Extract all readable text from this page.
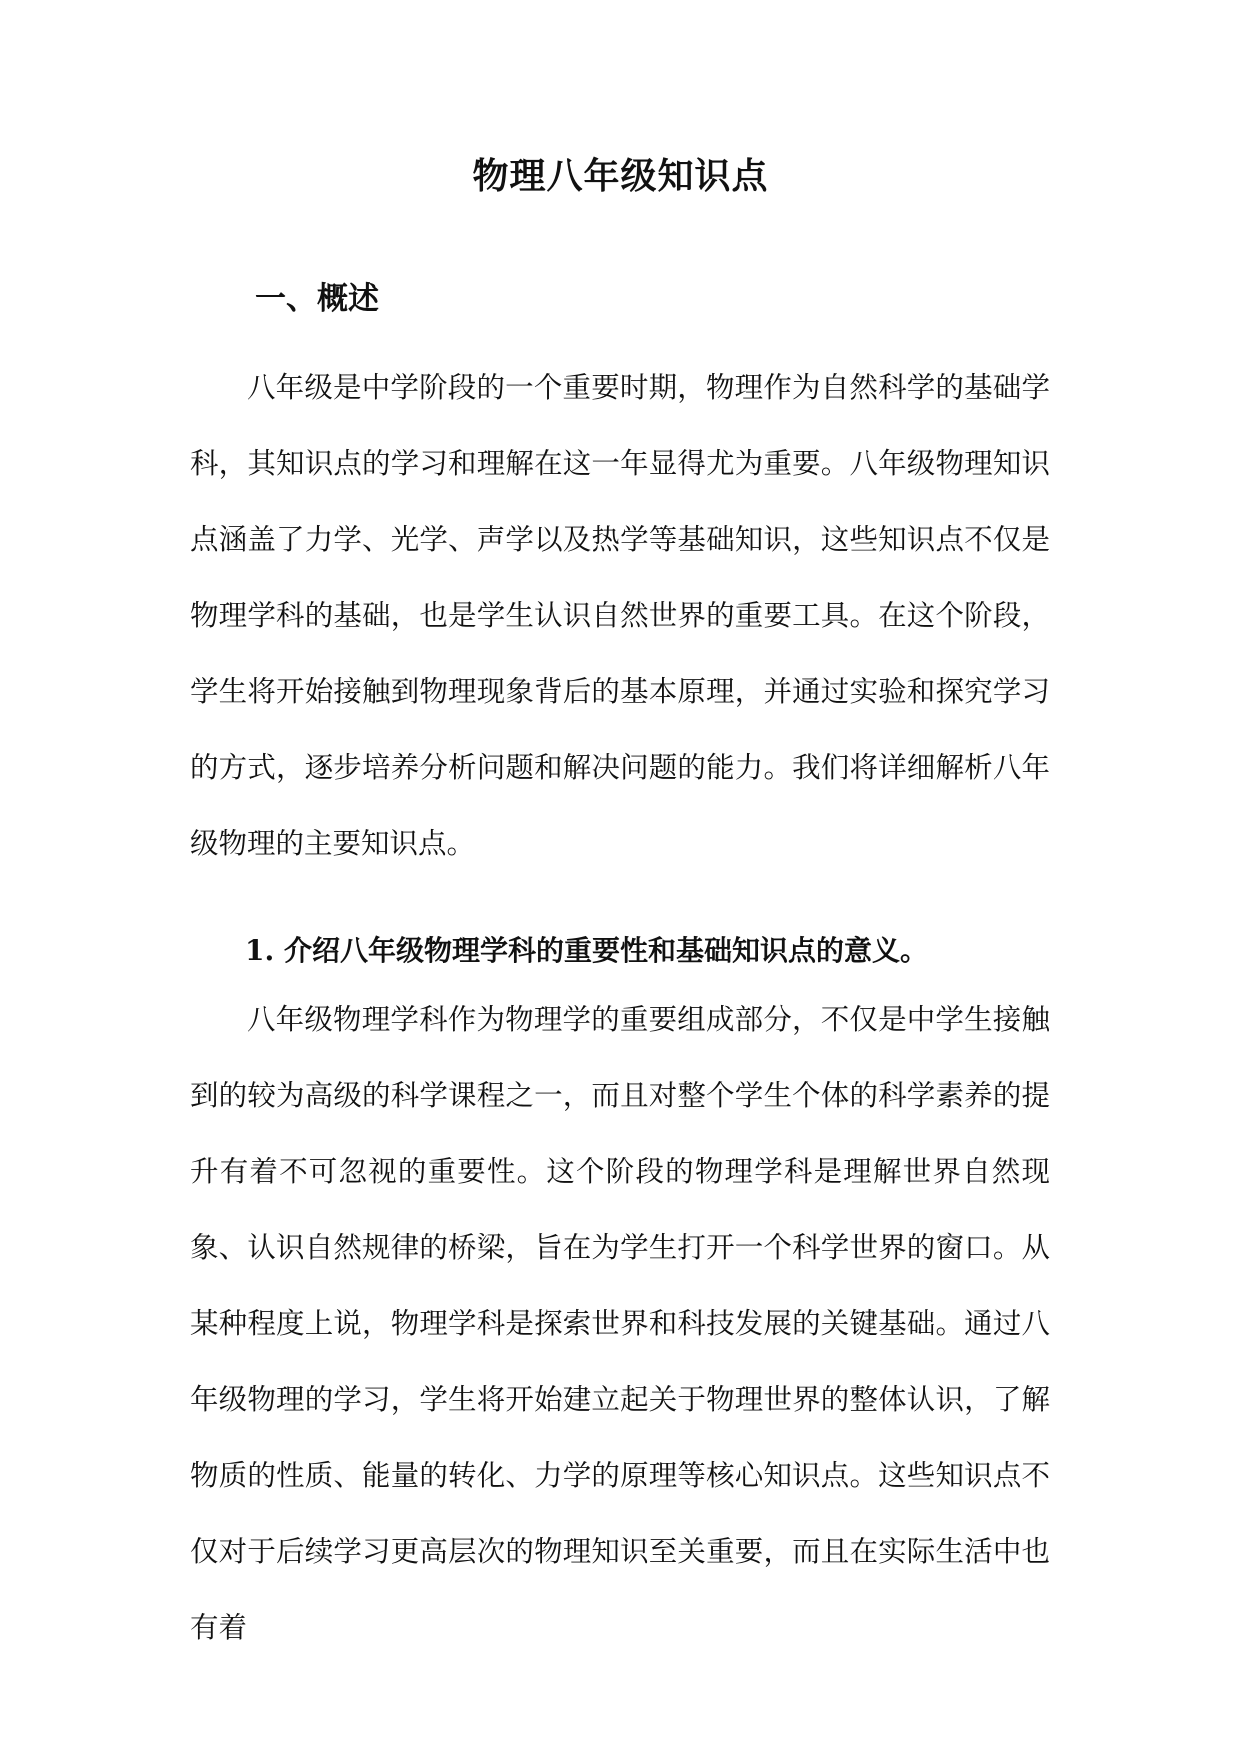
物理八年级知识点
一、概述

八年级是中学阶段的一个重要时期，物理作为自然科学的基础学科，其知识点的学习和理解在这一年显得尤为重要。八年级物理知识点涵盖了力学、光学、声学以及热学等基础知识，这些知识点不仅是物理学科的基础，也是学生认识自然世界的重要工具。在这个阶段，学生将开始接触到物理现象背后的基本原理，并通过实验和探究学习的方式，逐步培养分析问题和解决问题的能力。我们将详细解析八年级物理的主要知识点。

1. 介绍八年级物理学科的重要性和基础知识点的意义。

八年级物理学科作为物理学的重要组成部分，不仅是中学生接触到的较为高级的科学课程之一，而且对整个学生个体的科学素养的提升有着不可忽视的重要性。这个阶段的物理学科是理解世界自然现象、认识自然规律的桥梁，旨在为学生打开一个科学世界的窗口。从某种程度上说，物理学科是探索世界和科技发展的关键基础。通过八年级物理的学习，学生将开始建立起关于物理世界的整体认识，了解物质的性质、能量的转化、力学的原理等核心知识点。这些知识点不仅对于后续学习更高层次的物理知识至关重要，而且在实际生活中也有着
